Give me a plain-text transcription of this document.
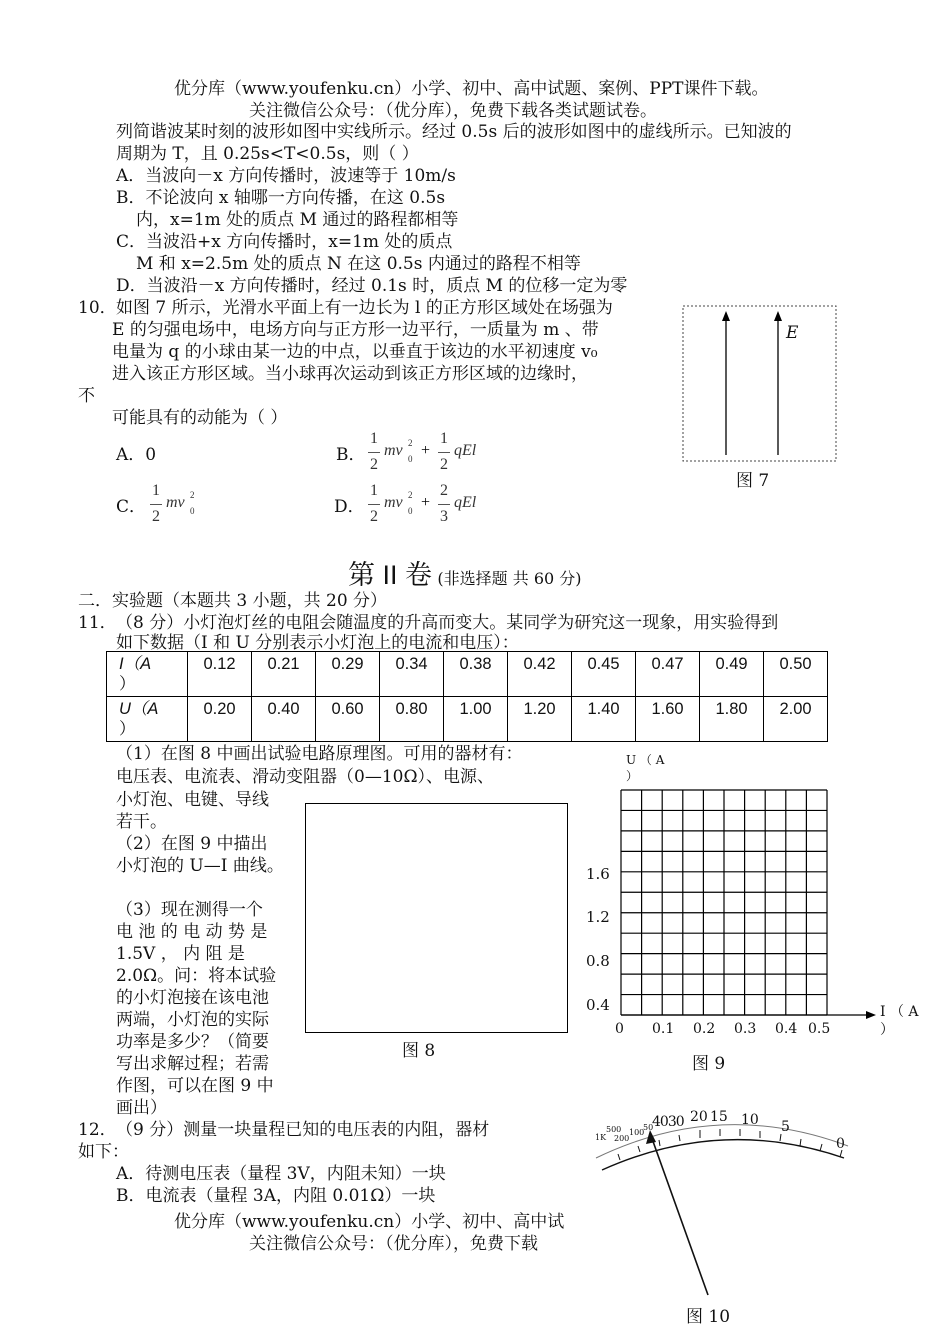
优分库（www.youfenku.cn）小学、初中、高中试题、案例、PPT课件下载。
关注微信公众号：（优分库），免费下载各类试题试卷。
列简谐波某时刻的波形如图中实线所示。经过 0.5s 后的波形如图中的虚线所示。已知波的
周期为 T，且 0.25s<T<0.5s，则（ ）
A．当波向－x 方向传播时，波速等于 10m/s
B．不论波向 x 轴哪一方向传播，在这 0.5s
内，x=1m 处的质点 M 通过的路程都相等
C．当波沿+x 方向传播时，x=1m 处的质点
M 和 x=2.5m 处的质点 N 在这 0.5s 内通过的路程不相等
D．当波沿－x 方向传播时，经过 0.1s 时，质点 M 的位移一定为零
10． 如图 7 所示，光滑水平面上有一边长为 l 的正方形区域处在场强为
E 的匀强电场中，电场方向与正方形一边平行，一质量为 m 、带
电量为 q 的小球由某一边的中点，以垂直于该边的水平初速度 v₀
进入该正方形区域。当小球再次运动到该正方形区域的边缘时，
不
可能具有的动能为（ ）
A．0	B．
C．	D．
1
2
mv 2
0 +
1
2
qEl
1
2
mv 2
0
1
2
mv 2
0 +
2
3
qEl
E
图 7
第 II 卷 (非选择题 共 60 分)
二．实验题（本题共 3 小题，共 20 分）
11． （8 分）小灯泡灯丝的电阻会随温度的升高而变大。某同学为研究这一现象，用实验得到
如下数据（I 和 U 分别表示小灯泡上的电流和电压）：
I（A
）	0.12	0.21	0.29	0.34	0.38	0.42	0.45	0.47	0.49	0.50
U（A
）	0.20	0.40	0.60	0.80	1.00	1.20	1.40	1.60	1.80	2.00
（1）在图 8 中画出试验电路原理图。可用的器材有：
电压表、电流表、滑动变阻器（0—10Ω）、电源、
小灯泡、电键、导线
若干。
（2）在图 9 中描出
小灯泡的 U—I 曲线。
（3）现在测得一个
电 池 的 电 动 势 是
1.5V ， 内 阻 是
2.0Ω。问：将本试验
的小灯泡接在该电池
两端，小灯泡的实际
功率是多少？（简要
写出求解过程；若需
作图，可以在图 9 中
画出）
图 8
U （ A
）
I （ A
）
1.6
1.2
0.8
0.4
0 0.1 0.2 0.3 0.4 0.5
图 9
12． （9 分）测量一块量程已知的电压表的内阻，器材
如下：
A．待测电压表（量程 3V，内阻未知）一块
B．电流表（量程 3A，内阻 0.01Ω）一块
4030 20 15 10 5
0
500
1K 200
100
50
图 10
优分库（www.youfenku.cn）小学、初中、高中试
关注微信公众号：（优分库），免费下载
